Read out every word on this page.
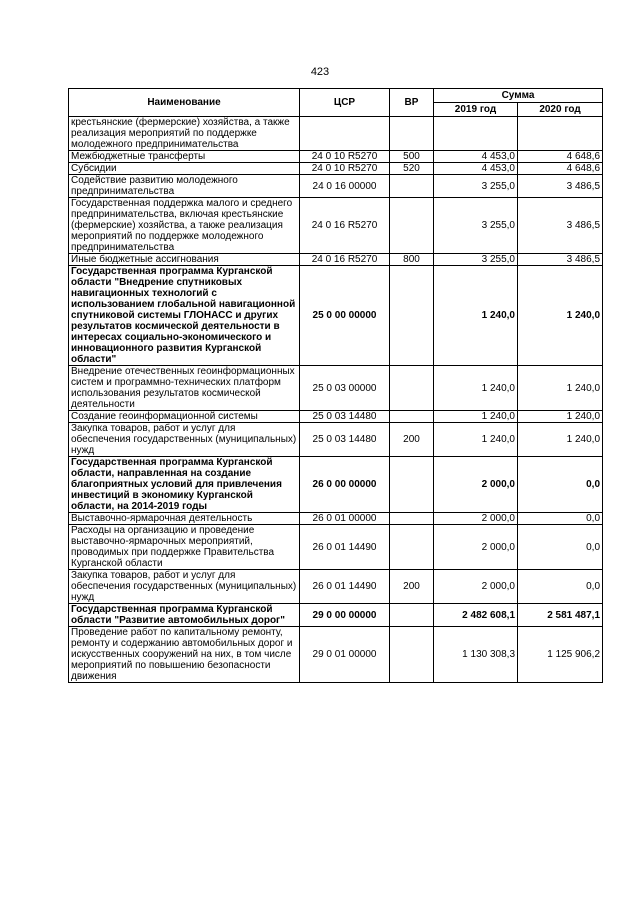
423
Наименование	ЦСР	ВР	Сумма	
			2019 год	2020 год
крестьянские (фермерские) хозяйства, а также реализация мероприятий по поддержке молодежного предпринимательства				
Межбюджетные трансферты	24 0 10 R5270	500	4 453,0	4 648,6
Субсидии	24 0 10 R5270	520	4 453,0	4 648,6
Содействие развитию молодежного предпринимательства	24 0 16 00000		3 255,0	3 486,5
Государственная поддержка малого и среднего предпринимательства, включая крестьянские (фермерские) хозяйства, а также реализация мероприятий по поддержке молодежного предпринимательства	24 0 16 R5270		3 255,0	3 486,5
Иные бюджетные ассигнования	24 0 16 R5270	800	3 255,0	3 486,5
Государственная программа Курганской области "Внедрение спутниковых навигационных технологий с использованием глобальной навигационной спутниковой системы ГЛОНАСС и других результатов космической деятельности в интересах социально-экономического и инновационного развития Курганской области"	25 0 00 00000		1 240,0	1 240,0
Внедрение отечественных геоинформационных систем и программно-технических платформ использования результатов космической деятельности	25 0 03 00000		1 240,0	1 240,0
Создание геоинформационной системы	25 0 03 14480		1 240,0	1 240,0
Закупка товаров, работ и услуг для обеспечения государственных (муниципальных) нужд	25 0 03 14480	200	1 240,0	1 240,0
Государственная программа Курганской области, направленная на создание благоприятных условий для привлечения инвестиций в экономику Курганской области, на 2014-2019 годы	26 0 00 00000		2 000,0	0,0
Выставочно-ярмарочная деятельность	26 0 01 00000		2 000,0	0,0
Расходы на организацию и проведение выставочно-ярмарочных мероприятий, проводимых при поддержке Правительства Курганской области	26 0 01 14490		2 000,0	0,0
Закупка товаров, работ и услуг для обеспечения государственных (муниципальных) нужд	26 0 01 14490	200	2 000,0	0,0
Государственная программа Курганской области "Развитие автомобильных дорог"	29 0 00 00000		2 482 608,1	2 581 487,1
Проведение работ по капитальному ремонту, ремонту и содержанию автомобильных дорог и искусственных сооружений на них, в том числе мероприятий по повышению безопасности движения	29 0 01 00000		1 130 308,3	1 125 906,2
